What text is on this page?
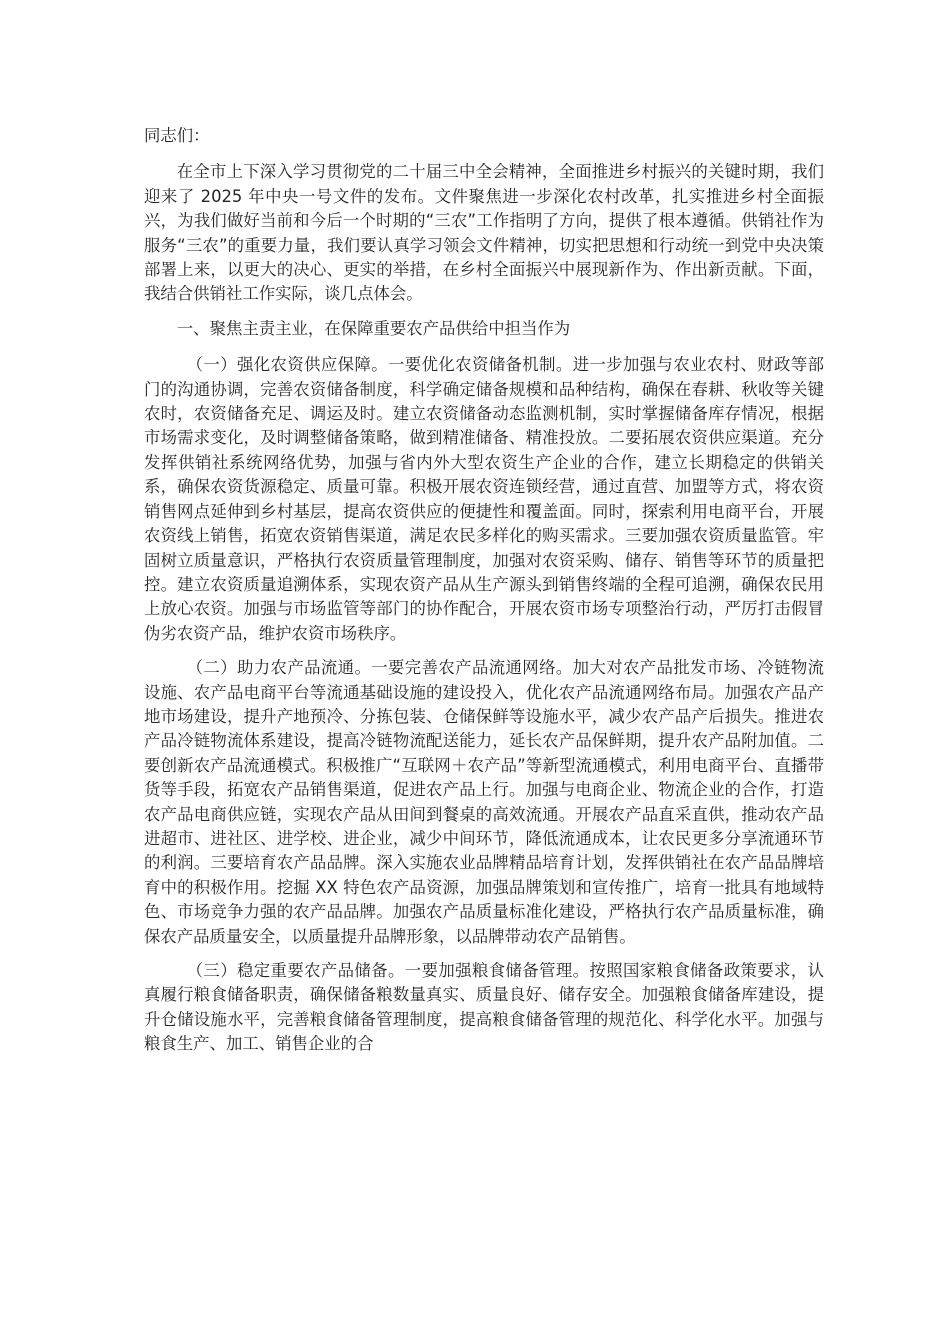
同志们：

在全市上下深入学习贯彻党的二十届三中全会精神，全面推进乡村振兴的关键时期，我们迎来了 2025 年中央一号文件的发布。文件聚焦进一步深化农村改革，扎实推进乡村全面振兴，为我们做好当前和今后一个时期的“三农”工作指明了方向，提供了根本遵循。供销社作为服务“三农”的重要力量，我们要认真学习领会文件精神，切实把思想和行动统一到党中央决策部署上来，以更大的决心、更实的举措，在乡村全面振兴中展现新作为、作出新贡献。下面，我结合供销社工作实际，谈几点体会。

一、聚焦主责主业，在保障重要农产品供给中担当作为

（一）强化农资供应保障。一要优化农资储备机制。进一步加强与农业农村、财政等部门的沟通协调，完善农资储备制度，科学确定储备规模和品种结构，确保在春耕、秋收等关键农时，农资储备充足、调运及时。建立农资储备动态监测机制，实时掌握储备库存情况，根据市场需求变化，及时调整储备策略，做到精准储备、精准投放。二要拓展农资供应渠道。充分发挥供销社系统网络优势，加强与省内外大型农资生产企业的合作，建立长期稳定的供销关系，确保农资货源稳定、质量可靠。积极开展农资连锁经营，通过直营、加盟等方式，将农资销售网点延伸到乡村基层，提高农资供应的便捷性和覆盖面。同时，探索利用电商平台，开展农资线上销售，拓宽农资销售渠道，满足农民多样化的购买需求。三要加强农资质量监管。牢固树立质量意识，严格执行农资质量管理制度，加强对农资采购、储存、销售等环节的质量把控。建立农资质量追溯体系，实现农资产品从生产源头到销售终端的全程可追溯，确保农民用上放心农资。加强与市场监管等部门的协作配合，开展农资市场专项整治行动，严厉打击假冒伪劣农资产品，维护农资市场秩序。

（二）助力农产品流通。一要完善农产品流通网络。加大对农产品批发市场、冷链物流设施、农产品电商平台等流通基础设施的建设投入，优化农产品流通网络布局。加强农产品产地市场建设，提升产地预冷、分拣包装、仓储保鲜等设施水平，减少农产品产后损失。推进农产品冷链物流体系建设，提高冷链物流配送能力，延长农产品保鲜期，提升农产品附加值。二要创新农产品流通模式。积极推广“互联网＋农产品”等新型流通模式，利用电商平台、直播带货等手段，拓宽农产品销售渠道，促进农产品上行。加强与电商企业、物流企业的合作，打造农产品电商供应链，实现农产品从田间到餐桌的高效流通。开展农产品直采直供，推动农产品进超市、进社区、进学校、进企业，减少中间环节，降低流通成本，让农民更多分享流通环节的利润。三要培育农产品品牌。深入实施农业品牌精品培育计划，发挥供销社在农产品品牌培育中的积极作用。挖掘 XX 特色农产品资源，加强品牌策划和宣传推广，培育一批具有地域特色、市场竞争力强的农产品品牌。加强农产品质量标准化建设，严格执行农产品质量标准，确保农产品质量安全，以质量提升品牌形象，以品牌带动农产品销售。

（三）稳定重要农产品储备。一要加强粮食储备管理。按照国家粮食储备政策要求，认真履行粮食储备职责，确保储备粮数量真实、质量良好、储存安全。加强粮食储备库建设，提升仓储设施水平，完善粮食储备管理制度，提高粮食储备管理的规范化、科学化水平。加强与粮食生产、加工、销售企业的合
